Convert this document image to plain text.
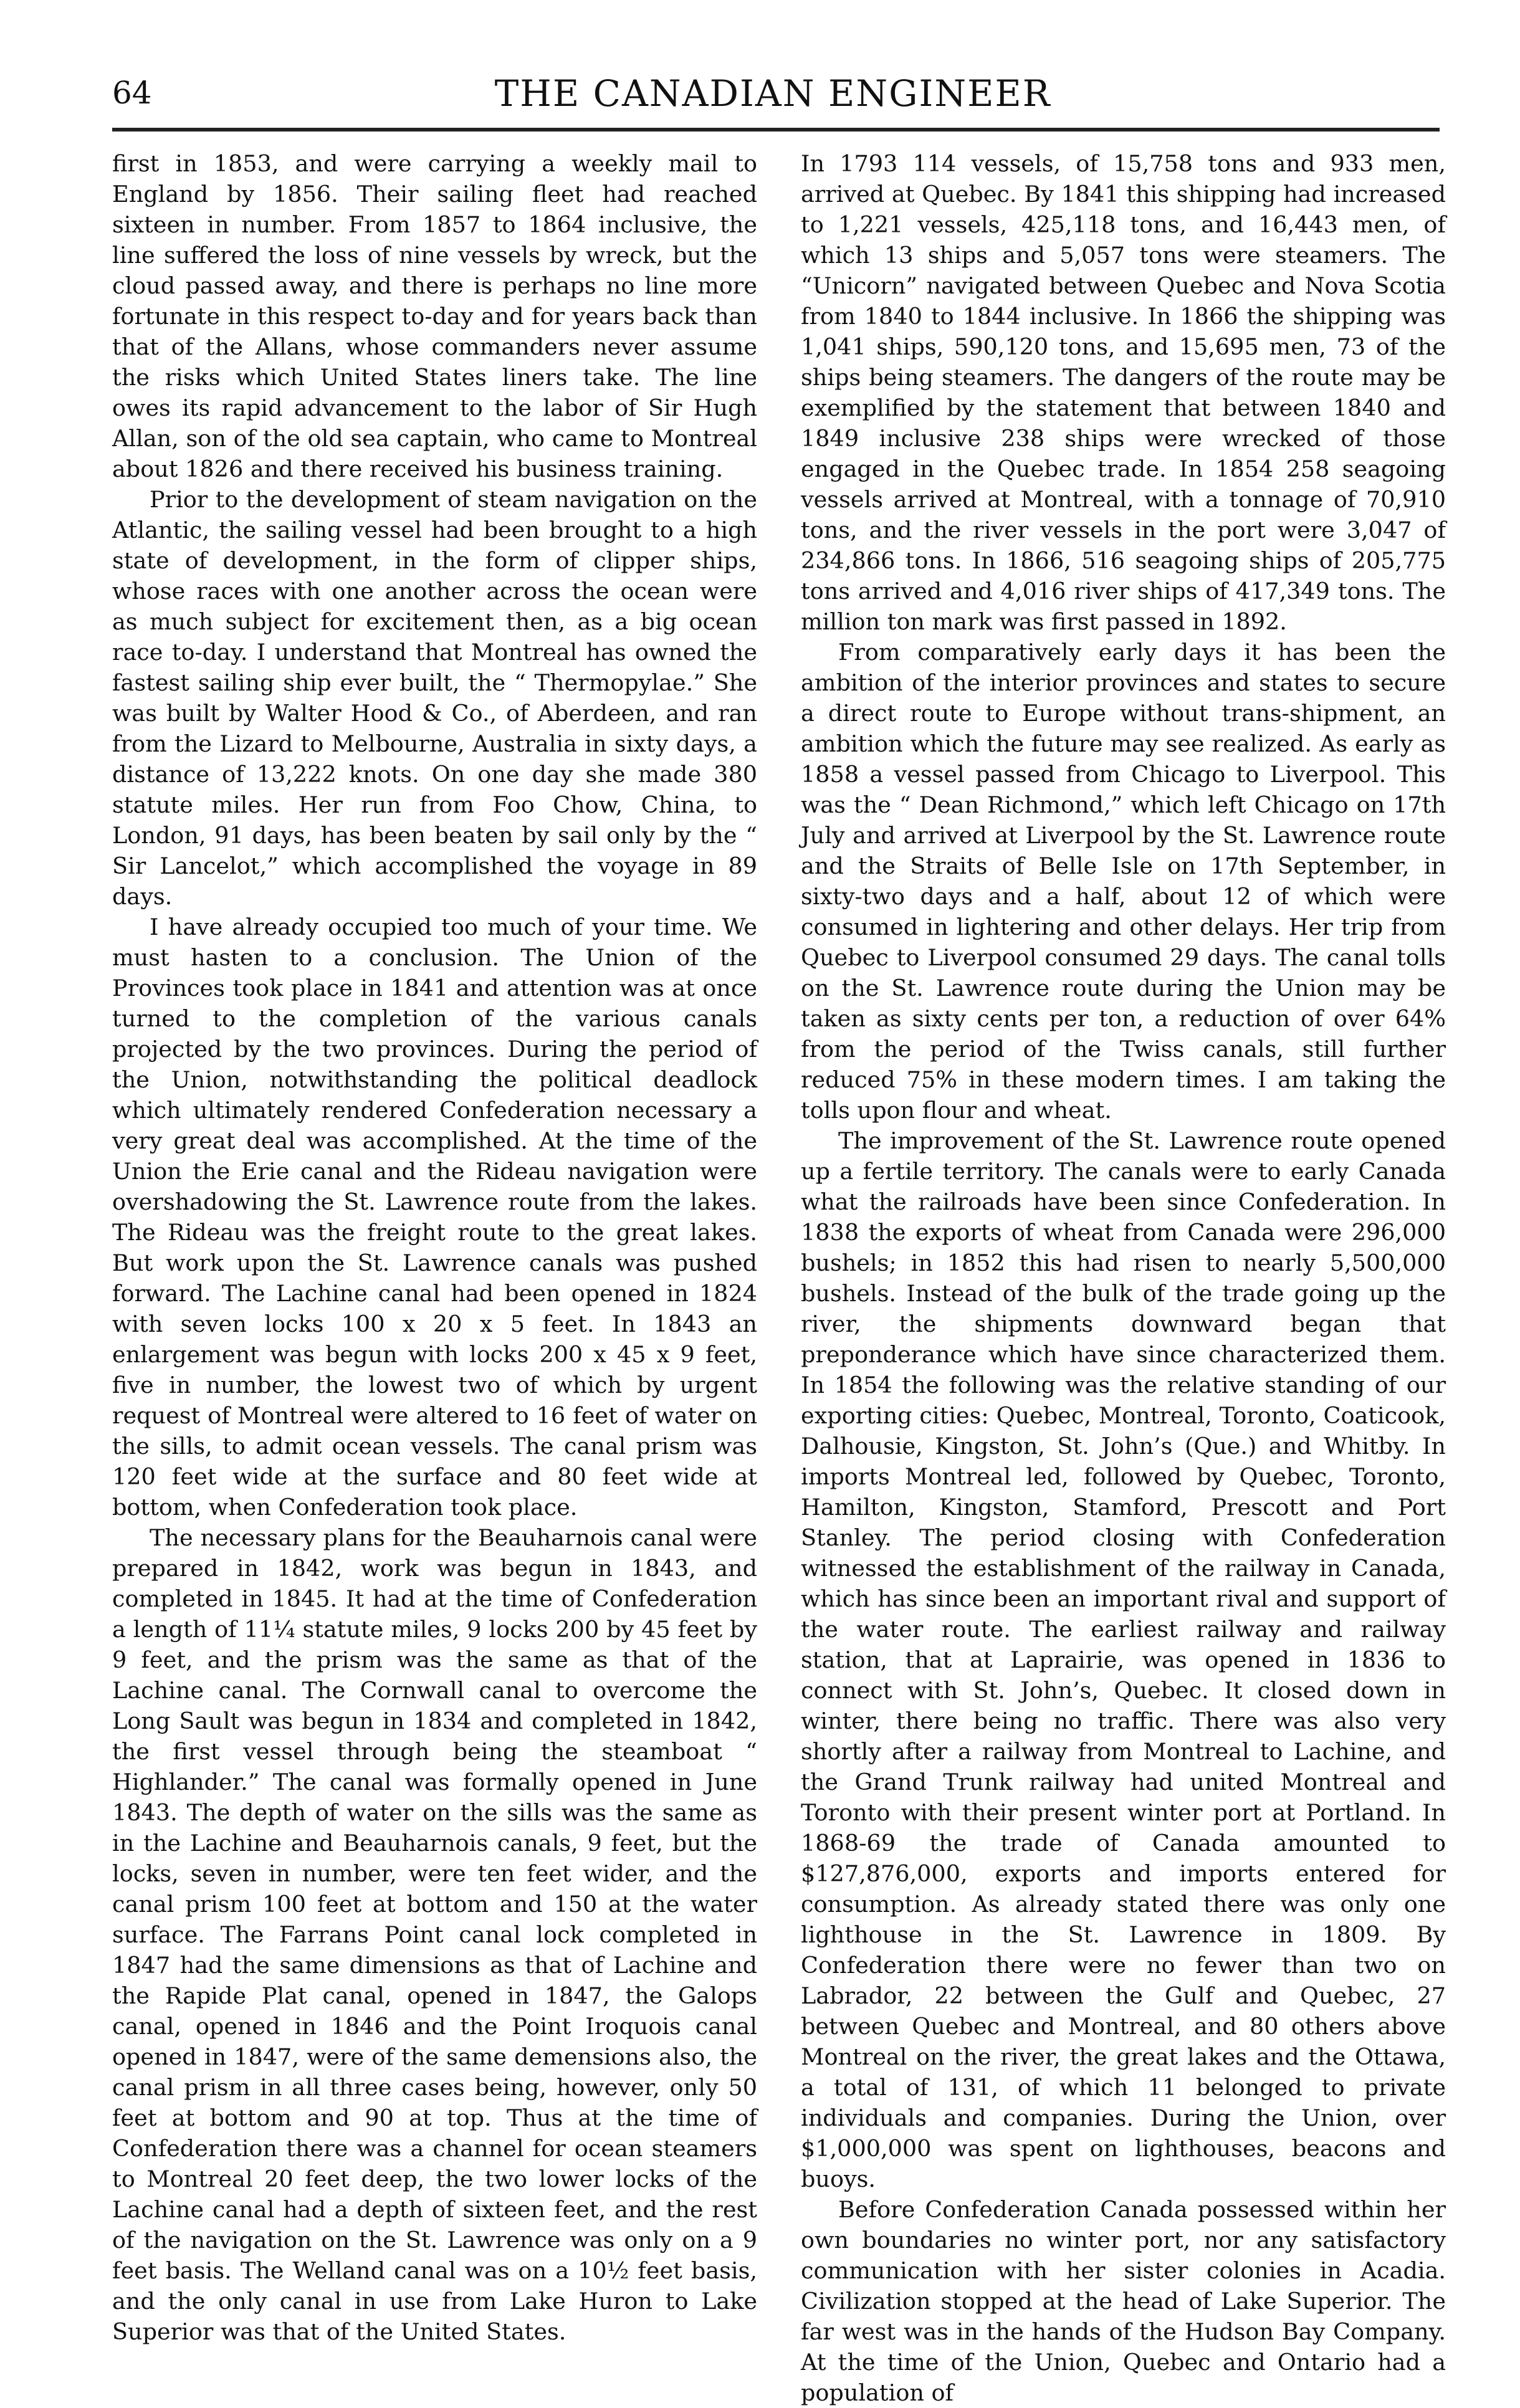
64	THE CANADIAN ENGINEER

first in 1853, and were carrying a weekly mail to England by 1856. Their sailing fleet had reached sixteen in number. From 1857 to 1864 inclusive, the line suffered the loss of nine vessels by wreck, but the cloud passed away, and there is perhaps no line more fortunate in this respect to-day and for years back than that of the Allans, whose commanders never assume the risks which United States liners take. The line owes its rapid advancement to the labor of Sir Hugh Allan, son of the old sea captain, who came to Montreal about 1826 and there received his business training.

Prior to the development of steam navigation on the Atlantic, the sailing vessel had been brought to a high state of development, in the form of clipper ships, whose races with one another across the ocean were as much subject for excitement then, as a big ocean race to-day. I understand that Montreal has owned the fastest sailing ship ever built, the “ Thermopylae.” She was built by Walter Hood & Co., of Aberdeen, and ran from the Lizard to Melbourne, Australia in sixty days, a distance of 13,222 knots. On one day she made 380 statute miles. Her run from Foo Chow, China, to London, 91 days, has been beaten by sail only by the “ Sir Lancelot,” which accomplished the voyage in 89 days.

I have already occupied too much of your time. We must hasten to a conclusion. The Union of the Provinces took place in 1841 and attention was at once turned to the completion of the various canals projected by the two provinces. During the period of the Union, notwithstanding the political deadlock which ultimately rendered Confederation necessary a very great deal was accomplished. At the time of the Union the Erie canal and the Rideau navigation were overshadowing the St. Lawrence route from the lakes. The Rideau was the freight route to the great lakes. But work upon the St. Lawrence canals was pushed forward. The Lachine canal had been opened in 1824 with seven locks 100 x 20 x 5 feet. In 1843 an enlargement was begun with locks 200 x 45 x 9 feet, five in number, the lowest two of which by urgent request of Montreal were altered to 16 feet of water on the sills, to admit ocean vessels. The canal prism was 120 feet wide at the surface and 80 feet wide at bottom, when Confederation took place.

The necessary plans for the Beauharnois canal were prepared in 1842, work was begun in 1843, and completed in 1845. It had at the time of Confederation a length of 11¼ statute miles, 9 locks 200 by 45 feet by 9 feet, and the prism was the same as that of the Lachine canal. The Cornwall canal to overcome the Long Sault was begun in 1834 and completed in 1842, the first vessel through being the steamboat “ Highlander.” The canal was formally opened in June 1843. The depth of water on the sills was the same as in the Lachine and Beauharnois canals, 9 feet, but the locks, seven in number, were ten feet wider, and the canal prism 100 feet at bottom and 150 at the water surface. The Farrans Point canal lock completed in 1847 had the same dimensions as that of Lachine and the Rapide Plat canal, opened in 1847, the Galops canal, opened in 1846 and the Point Iroquois canal opened in 1847, were of the same demensions also, the canal prism in all three cases being, however, only 50 feet at bottom and 90 at top. Thus at the time of Confederation there was a channel for ocean steamers to Montreal 20 feet deep, the two lower locks of the Lachine canal had a depth of sixteen feet, and the rest of the navigation on the St. Lawrence was only on a 9 feet basis. The Welland canal was on a 10½ feet basis, and the only canal in use from Lake Huron to Lake Superior was that of the United States.

In 1793 114 vessels, of 15,758 tons and 933 men, arrived at Quebec. By 1841 this shipping had increased to 1,221 vessels, 425,118 tons, and 16,443 men, of which 13 ships and 5,057 tons were steamers. The “Unicorn” navigated between Quebec and Nova Scotia from 1840 to 1844 inclusive. In 1866 the shipping was 1,041 ships, 590,120 tons, and 15,695 men, 73 of the ships being steamers. The dangers of the route may be exemplified by the statement that between 1840 and 1849 inclusive 238 ships were wrecked of those engaged in the Quebec trade. In 1854 258 seagoing vessels arrived at Montreal, with a tonnage of 70,910 tons, and the river vessels in the port were 3,047 of 234,866 tons. In 1866, 516 seagoing ships of 205,775 tons arrived and 4,016 river ships of 417,349 tons. The million ton mark was first passed in 1892.

From comparatively early days it has been the ambition of the interior provinces and states to secure a direct route to Europe without trans-shipment, an ambition which the future may see realized. As early as 1858 a vessel passed from Chicago to Liverpool. This was the “ Dean Richmond,” which left Chicago on 17th July and arrived at Liverpool by the St. Lawrence route and the Straits of Belle Isle on 17th September, in sixty-two days and a half, about 12 of which were consumed in lightering and other delays. Her trip from Quebec to Liverpool consumed 29 days. The canal tolls on the St. Lawrence route during the Union may be taken as sixty cents per ton, a reduction of over 64% from the period of the Twiss canals, still further reduced 75% in these modern times. I am taking the tolls upon flour and wheat.

The improvement of the St. Lawrence route opened up a fertile territory. The canals were to early Canada what the railroads have been since Confederation. In 1838 the exports of wheat from Canada were 296,000 bushels; in 1852 this had risen to nearly 5,500,000 bushels. Instead of the bulk of the trade going up the river, the shipments downward began that preponderance which have since characterized them. In 1854 the following was the relative standing of our exporting cities: Quebec, Montreal, Toronto, Coaticook, Dalhousie, Kingston, St. John’s (Que.) and Whitby. In imports Montreal led, followed by Quebec, Toronto, Hamilton, Kingston, Stamford, Prescott and Port Stanley. The period closing with Confederation witnessed the establishment of the railway in Canada, which has since been an important rival and support of the water route. The earliest railway and railway station, that at Laprairie, was opened in 1836 to connect with St. John’s, Quebec. It closed down in winter, there being no traffic. There was also very shortly after a railway from Montreal to Lachine, and the Grand Trunk railway had united Montreal and Toronto with their present winter port at Portland. In 1868-69 the trade of Canada amounted to $127,876,000, exports and imports entered for consumption. As already stated there was only one lighthouse in the St. Lawrence in 1809. By Confederation there were no fewer than two on Labrador, 22 between the Gulf and Quebec, 27 between Quebec and Montreal, and 80 others above Montreal on the river, the great lakes and the Ottawa, a total of 131, of which 11 belonged to private individuals and companies. During the Union, over $1,000,000 was spent on lighthouses, beacons and buoys.

Before Confederation Canada possessed within her own boundaries no winter port, nor any satisfactory communication with her sister colonies in Acadia. Civilization stopped at the head of Lake Superior. The far west was in the hands of the Hudson Bay Company. At the time of the Union, Quebec and Ontario had a population of
